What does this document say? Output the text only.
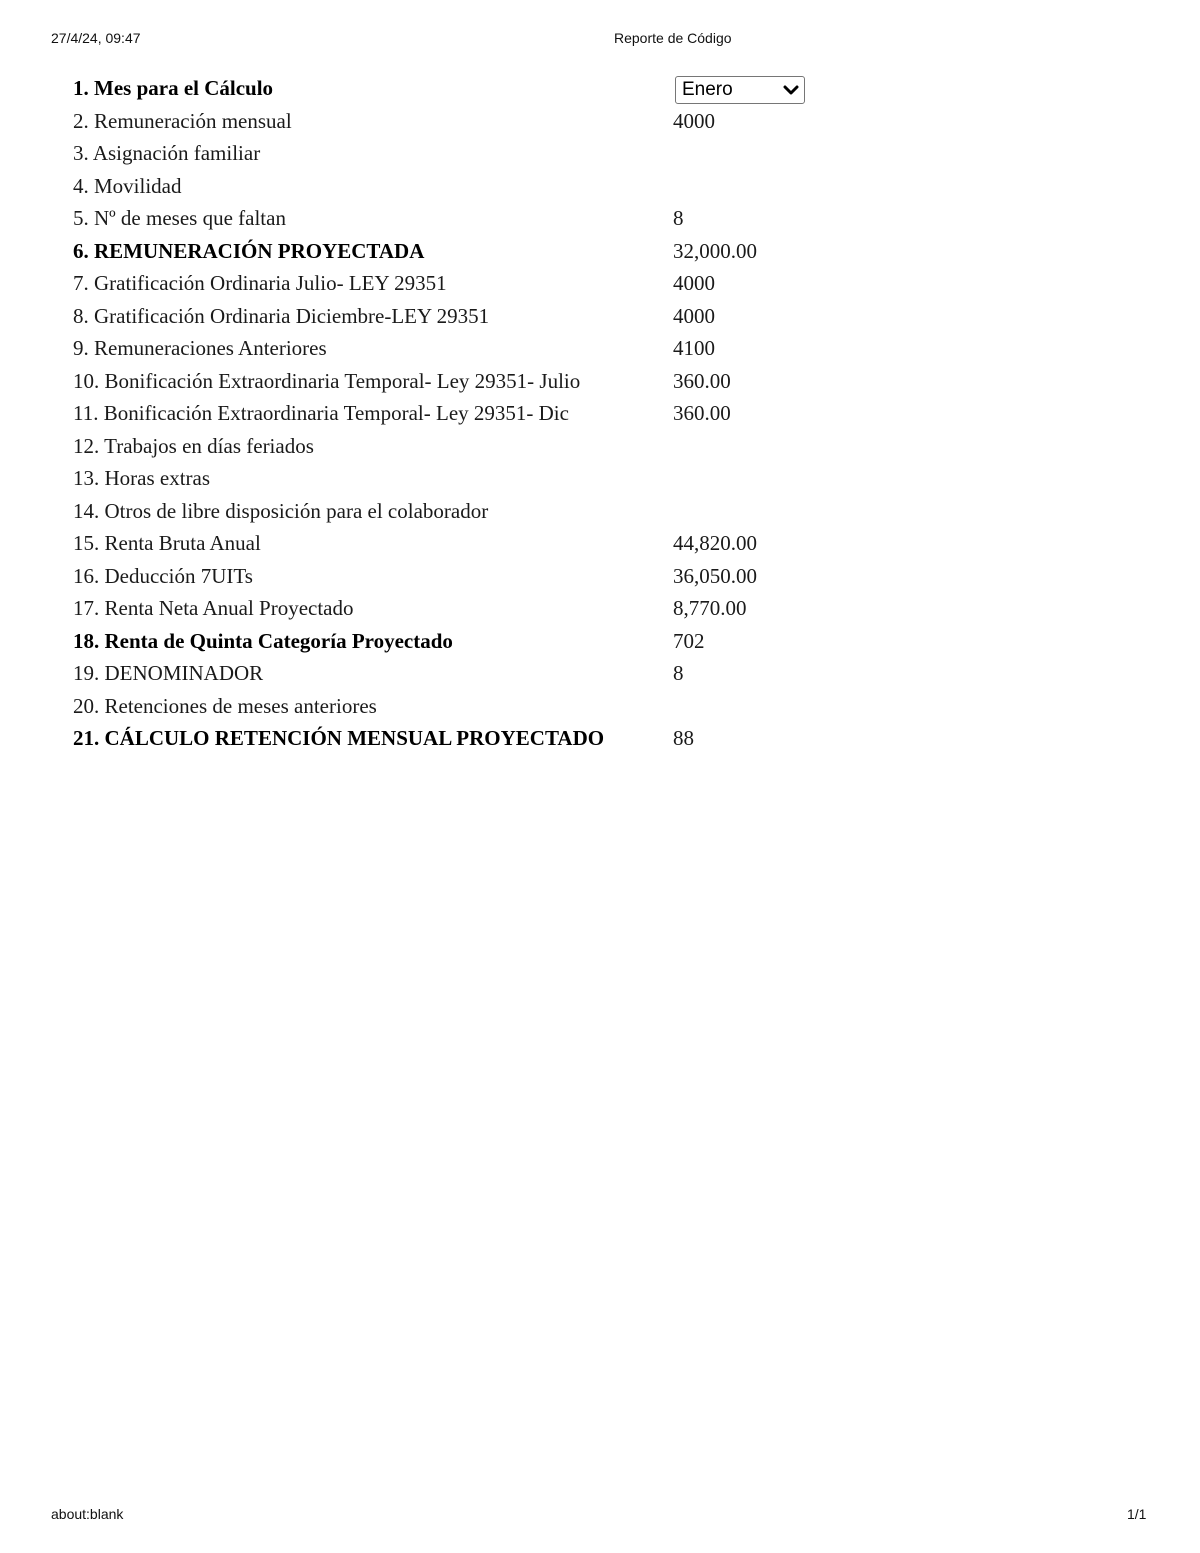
27/4/24, 09:47	Reporte de Código
1. Mes para el Cálculo	Enero
2. Remuneración mensual	4000
3. Asignación familiar
4. Movilidad
5. Nº de meses que faltan	8
6. REMUNERACIÓN PROYECTADA	32,000.00
7. Gratificación Ordinaria Julio- LEY 29351	4000
8. Gratificación Ordinaria Diciembre-LEY 29351	4000
9. Remuneraciones Anteriores	4100
10. Bonificación Extraordinaria Temporal- Ley 29351- Julio	360.00
11. Bonificación Extraordinaria Temporal- Ley 29351- Dic	360.00
12. Trabajos en días feriados
13. Horas extras
14. Otros de libre disposición para el colaborador
15. Renta Bruta Anual	44,820.00
16. Deducción 7UITs	36,050.00
17. Renta Neta Anual Proyectado	8,770.00
18. Renta de Quinta Categoría Proyectado	702
19. DENOMINADOR	8
20. Retenciones de meses anteriores
21. CÁLCULO RETENCIÓN MENSUAL PROYECTADO	88
about:blank	1/1
